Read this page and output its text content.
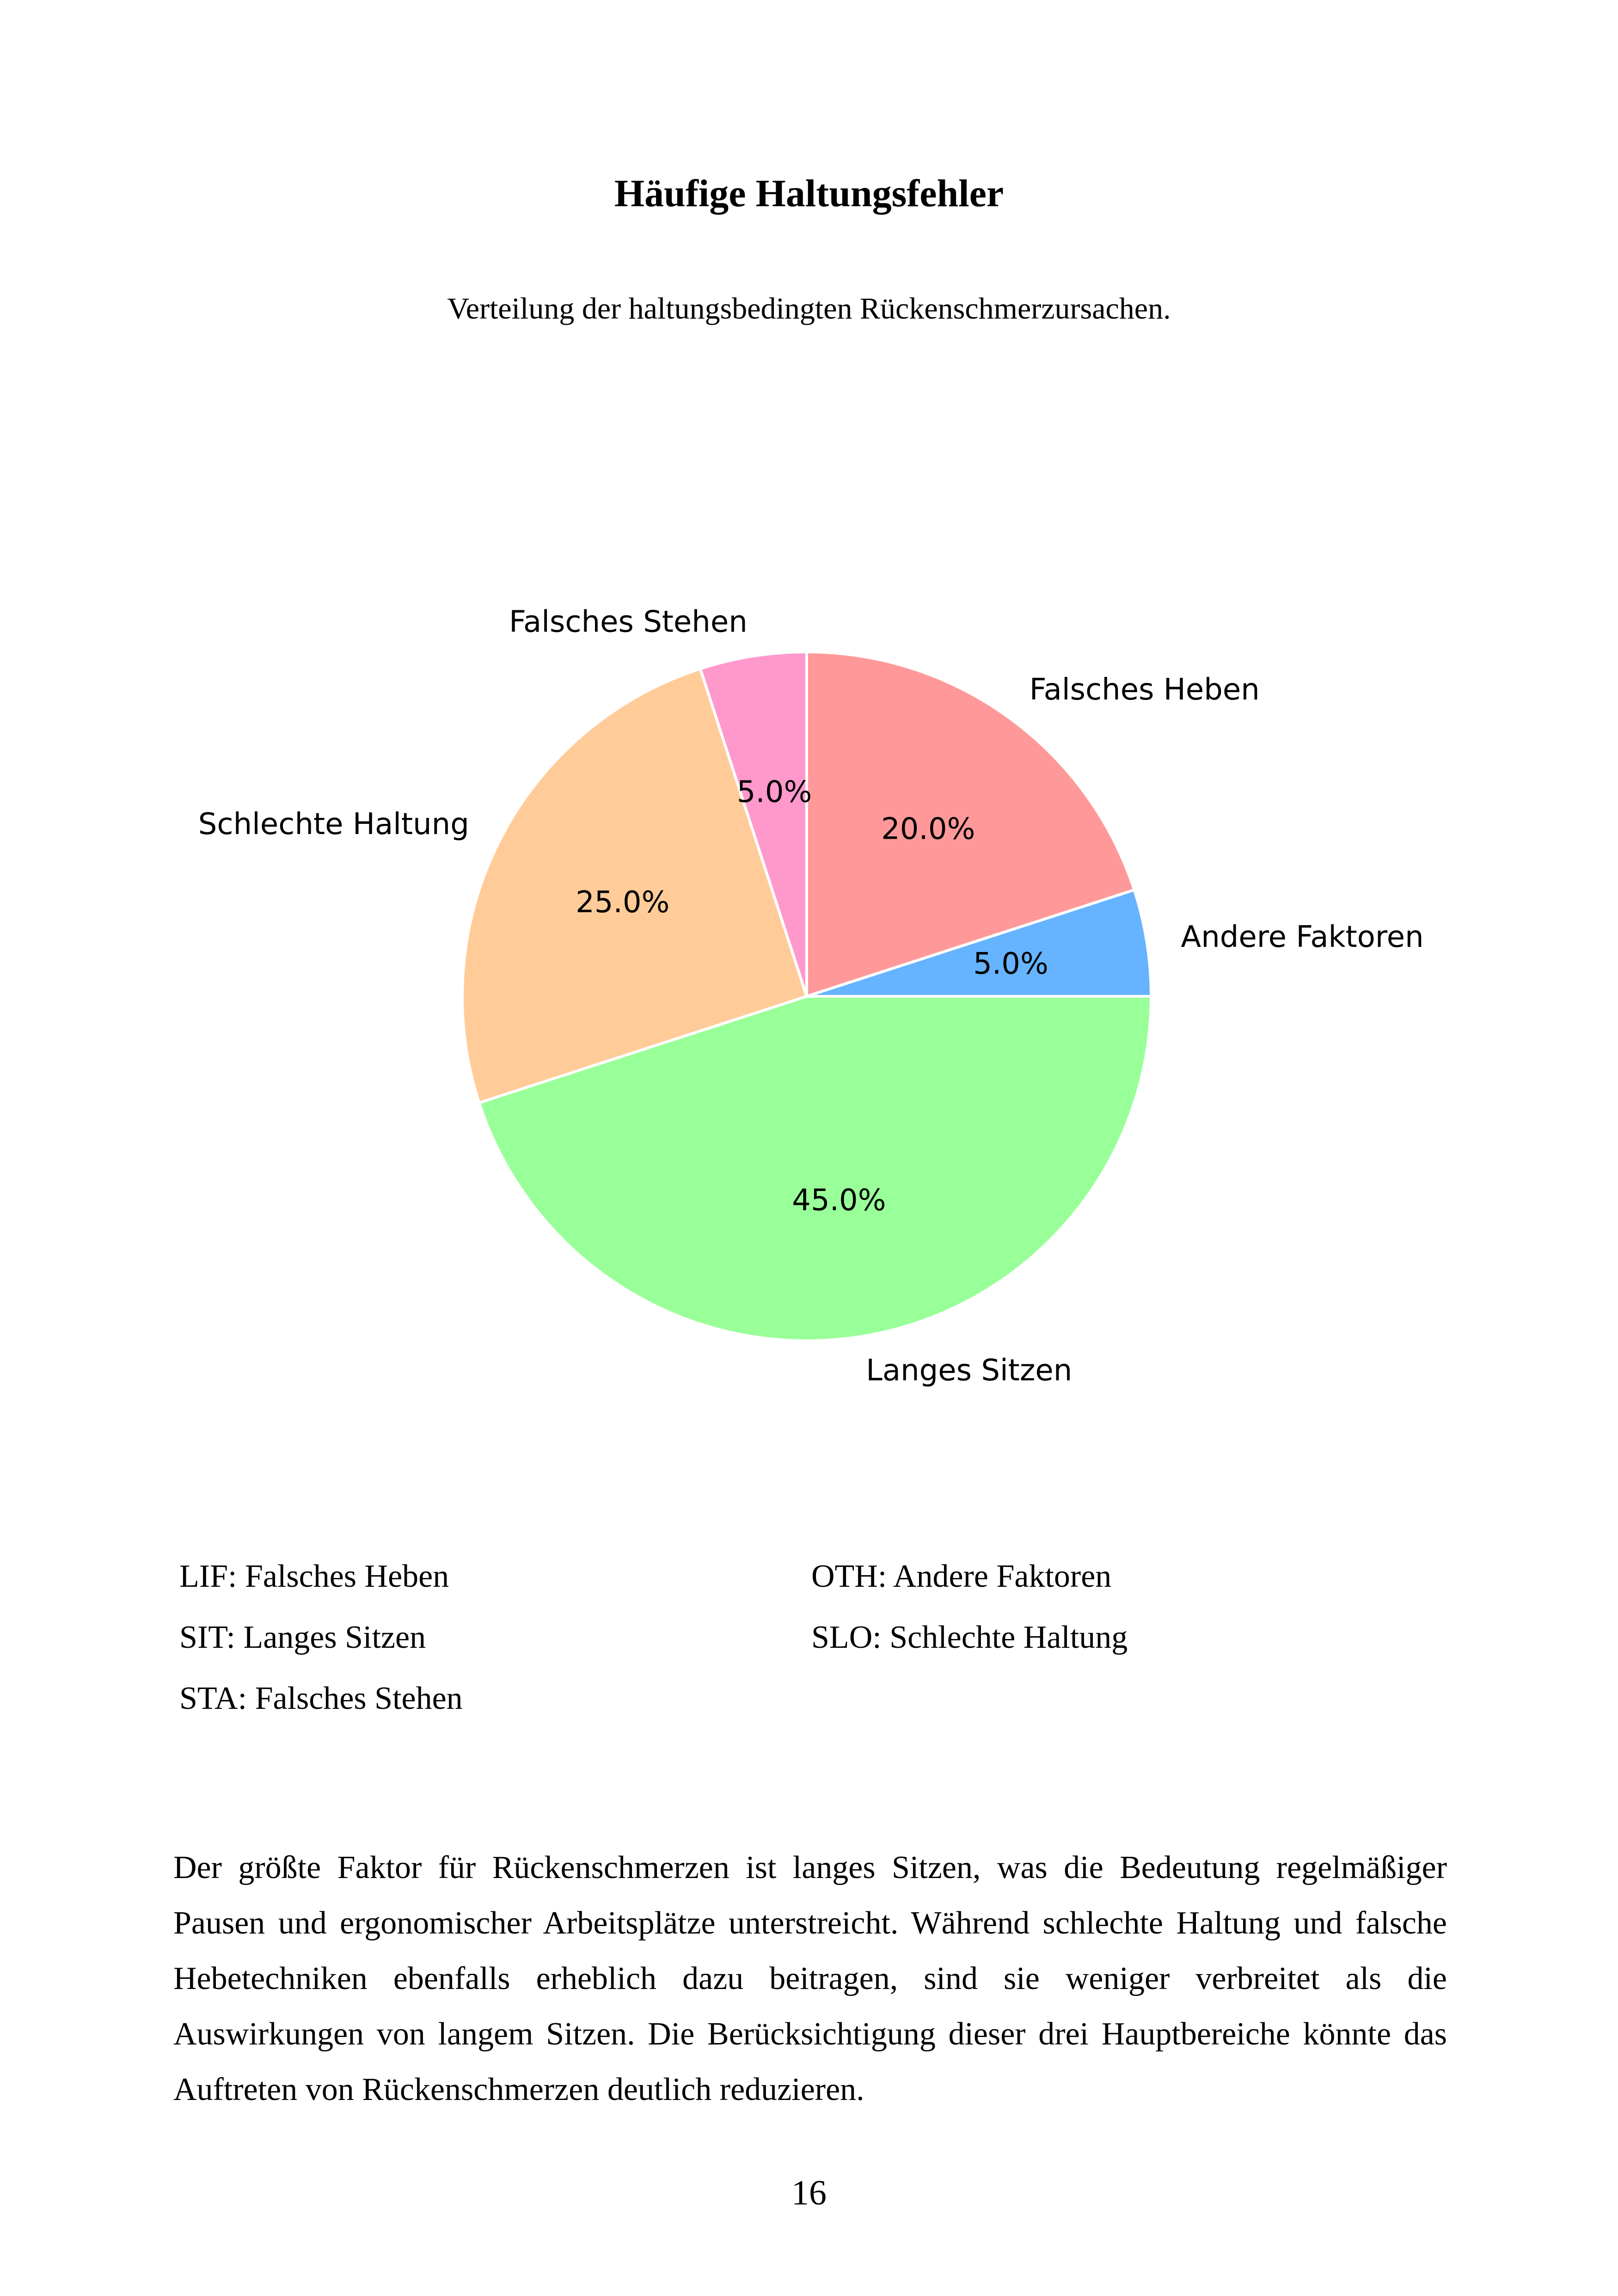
Häufige Haltungsfehler
Verteilung der haltungsbedingten Rückenschmerzursachen.
20.0%
5.0%
45.0%
25.0%
5.0%
Falsches Heben
Andere Faktoren
Langes Sitzen
Schlechte Haltung
Falsches Stehen
LIF: Falsches Heben	OTH: Andere Faktoren
SIT: Langes Sitzen	SLO: Schlechte Haltung
STA: Falsches Stehen

Der größte Faktor für Rückenschmerzen ist langes Sitzen, was die Bedeutung regelmäßiger Pausen und ergonomischer Arbeitsplätze unterstreicht. Während schlechte Haltung und falsche Hebetechniken ebenfalls erheblich dazu beitragen, sind sie weniger verbreitet als die Auswirkungen von langem Sitzen. Die Berücksichtigung dieser drei Hauptbereiche könnte das Auftreten von Rückenschmerzen deutlich reduzieren.

16
